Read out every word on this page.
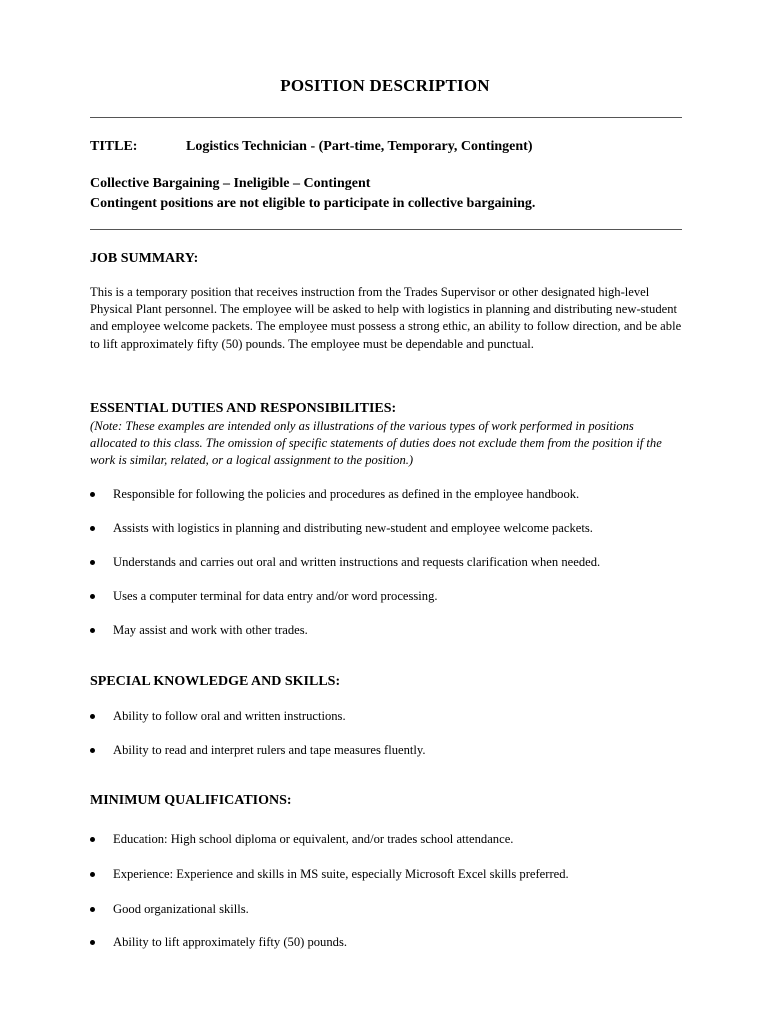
POSITION DESCRIPTION
TITLE:	Logistics Technician - (Part-time, Temporary, Contingent)
Collective Bargaining – Ineligible – Contingent
Contingent positions are not eligible to participate in collective bargaining.
JOB SUMMARY:

This is a temporary position that receives instruction from the Trades Supervisor or other designated high-level Physical Plant personnel. The employee will be asked to help with logistics in planning and distributing new-student and employee welcome packets. The employee must possess a strong ethic, an ability to follow direction, and be able to lift approximately fifty (50) pounds. The employee must be dependable and punctual.

ESSENTIAL DUTIES AND RESPONSIBILITIES:

(Note: These examples are intended only as illustrations of the various types of work performed in positions allocated to this class. The omission of specific statements of duties does not exclude them from the position if the work is similar, related, or a logical assignment to the position.)

Responsible for following the policies and procedures as defined in the employee handbook.
Assists with logistics in planning and distributing new-student and employee welcome packets.
Understands and carries out oral and written instructions and requests clarification when needed.
Uses a computer terminal for data entry and/or word processing.
May assist and work with other trades.
SPECIAL KNOWLEDGE AND SKILLS:
Ability to follow oral and written instructions.
Ability to read and interpret rulers and tape measures fluently.
MINIMUM QUALIFICATIONS:
Education: High school diploma or equivalent, and/or trades school attendance.
Experience: Experience and skills in MS suite, especially Microsoft Excel skills preferred.
Good organizational skills.
Ability to lift approximately fifty (50) pounds.
